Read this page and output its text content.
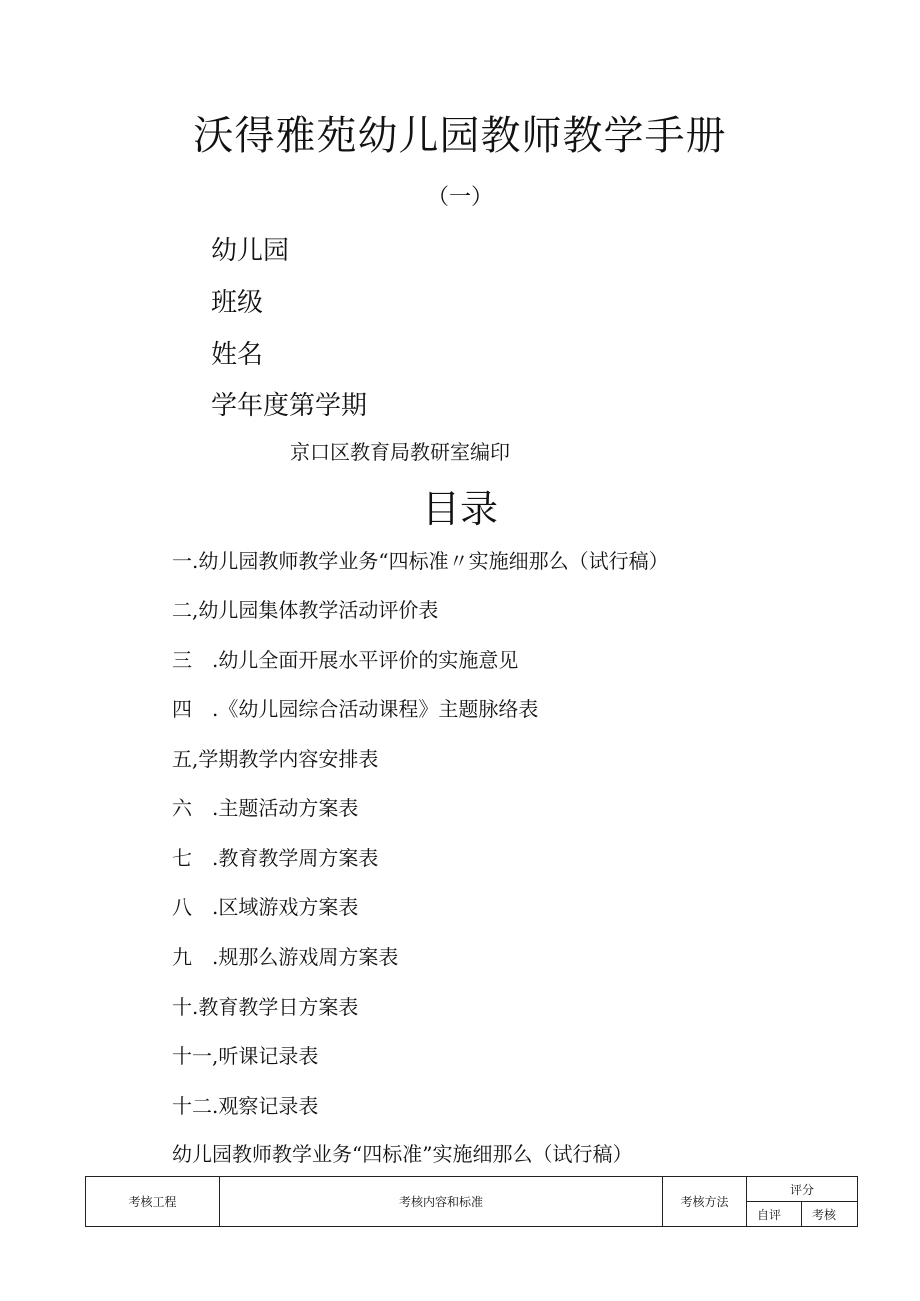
沃得雅苑幼儿园教师教学手册
（一）
幼儿园
班级
姓名
学年度第学期
京口区教育局教研室编印
目录
一.幼儿园教师教学业务“四标准〃实施细那么（试行稿）
二,幼儿园集体教学活动评价表
三　.幼儿全面开展水平评价的实施意见
四　.《幼儿园综合活动课程》主题脉络表
五,学期教学内容安排表
六　.主题活动方案表
七　.教育教学周方案表
八　.区域游戏方案表
九　.规那么游戏周方案表
十.教育教学日方案表
十一,听课记录表
十二.观察记录表
幼儿园教师教学业务“四标准”实施细那么（试行稿）
考核工程	考核内容和标准	考核方法	评分	
			自评	考核
